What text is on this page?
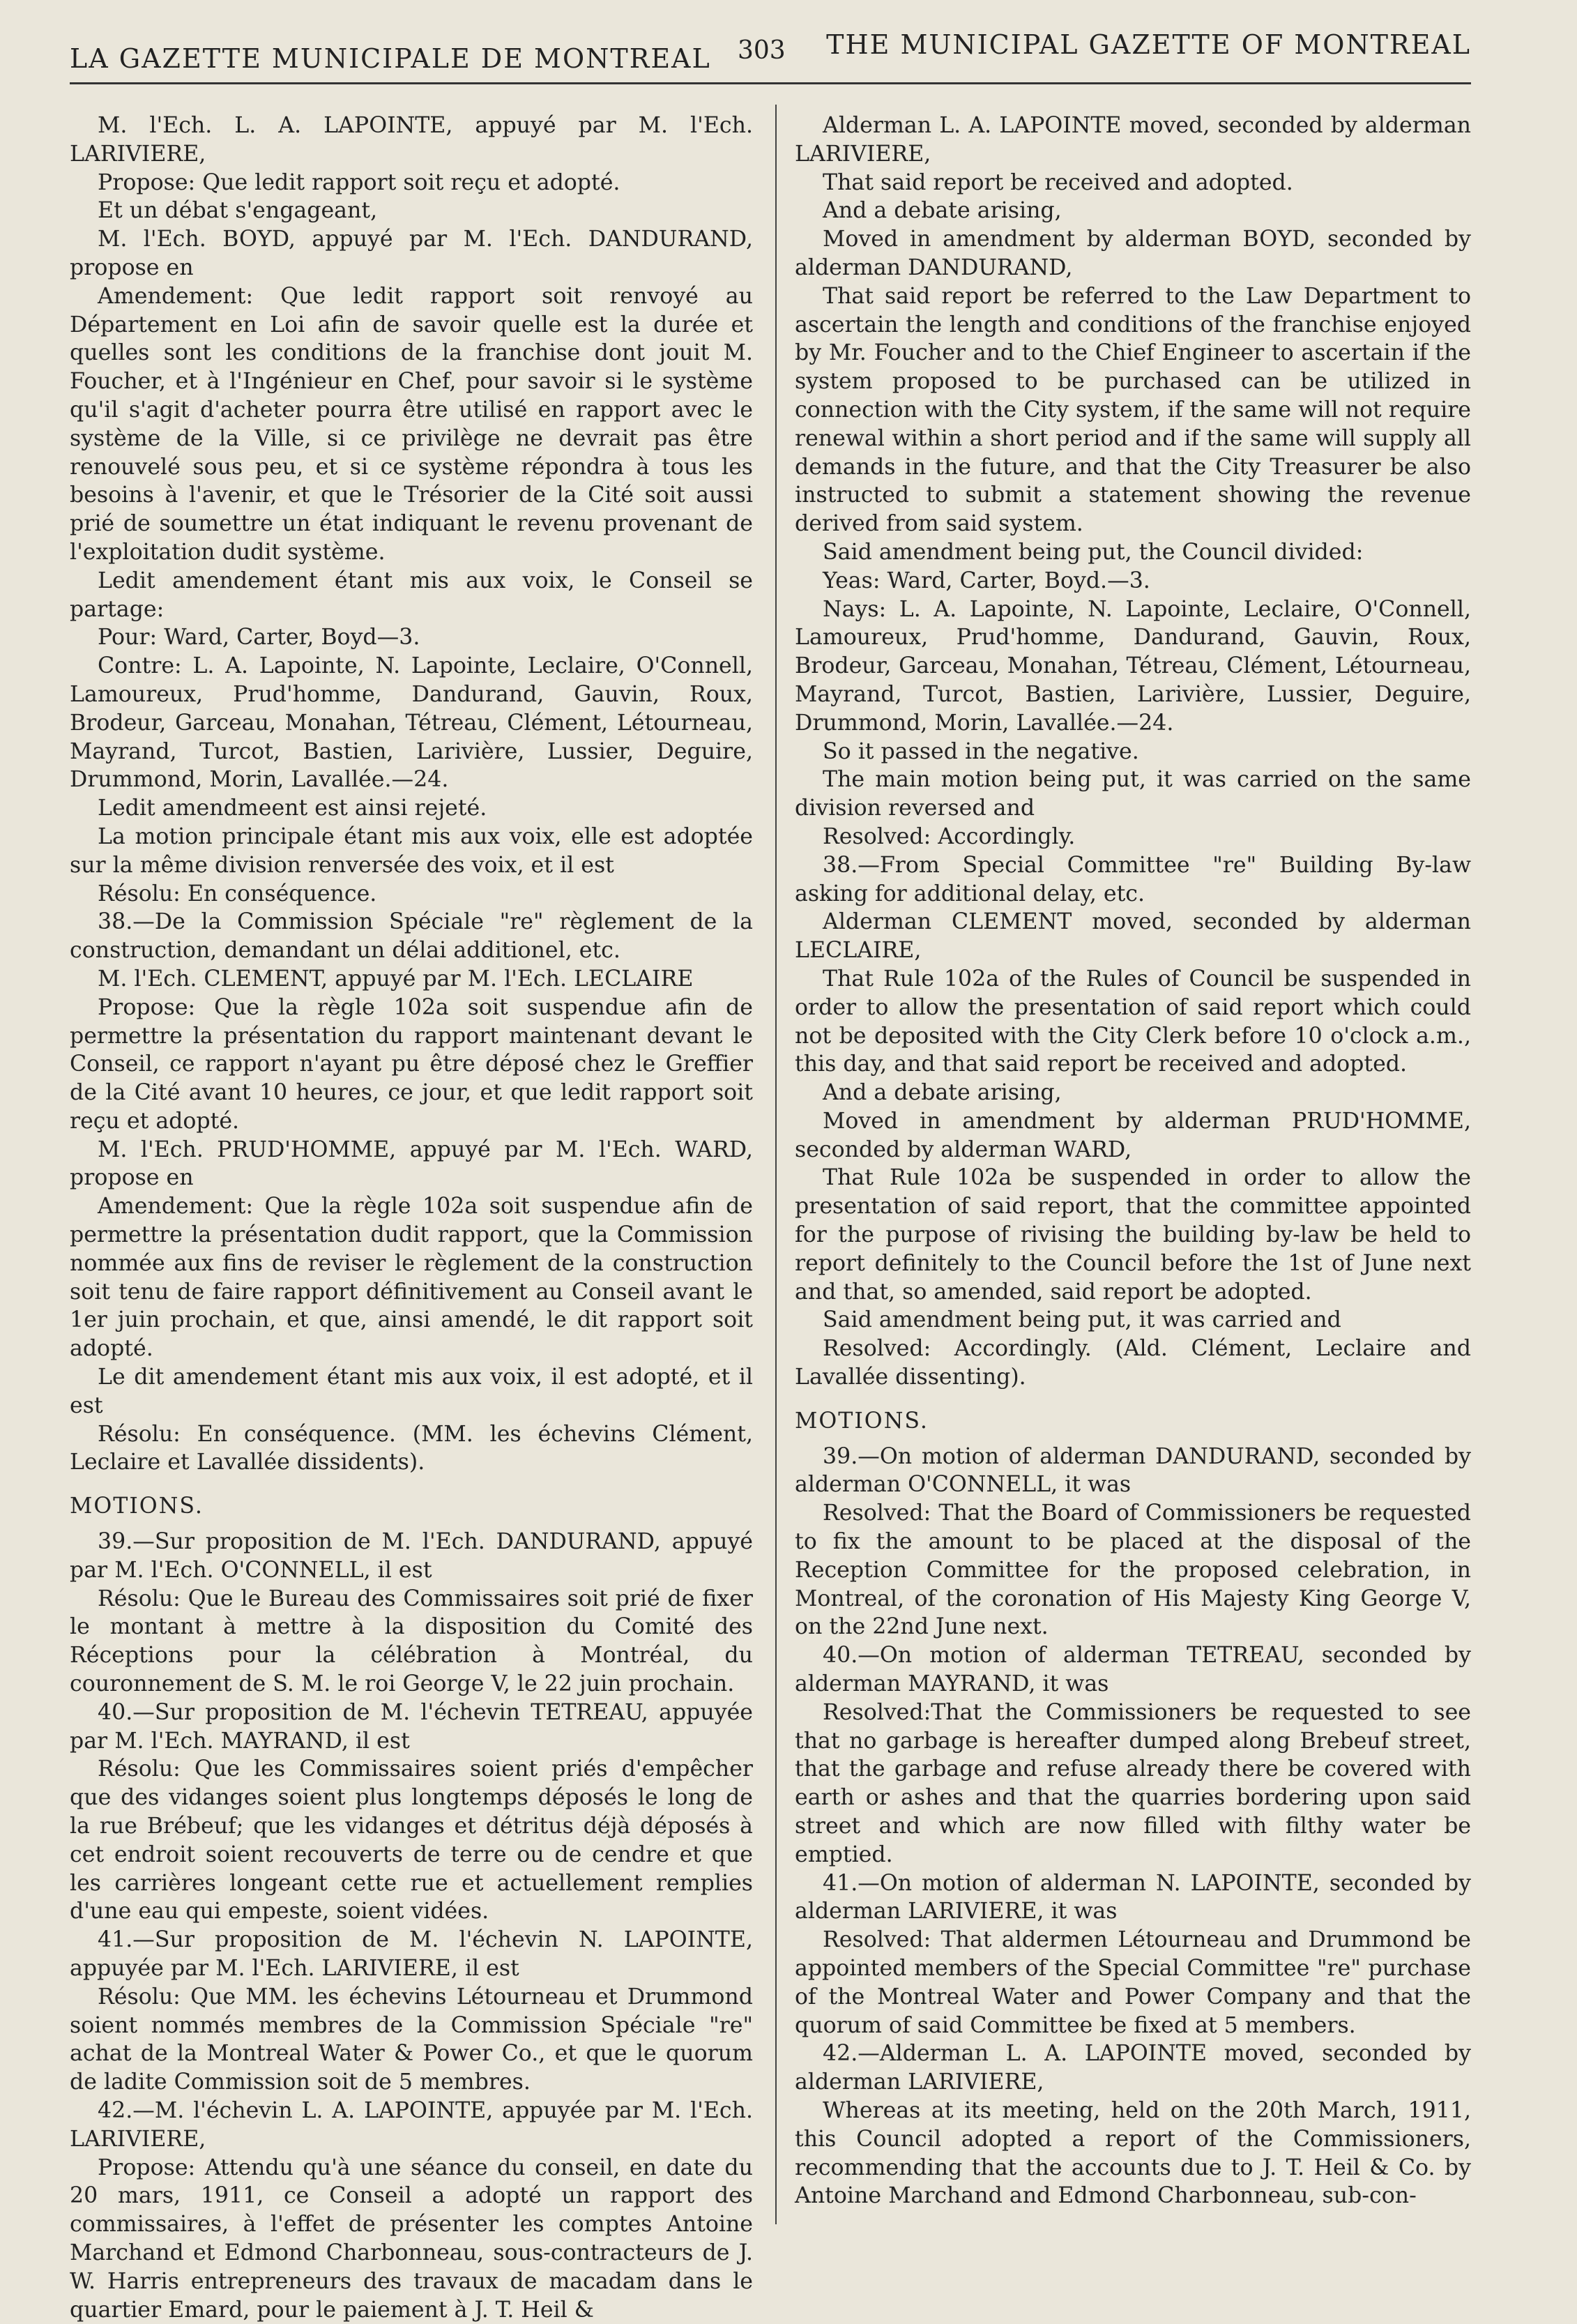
LA GAZETTE MUNICIPALE DE MONTREAL 303 THE MUNICIPAL GAZETTE OF MONTREAL

M. l'Ech. L. A. LAPOINTE, appuyé par M. l'Ech. LARIVIERE,

Propose: Que ledit rapport soit reçu et adopté.

Et un débat s'engageant,

M. l'Ech. BOYD, appuyé par M. l'Ech. DANDURAND, propose en

Amendement: Que ledit rapport soit renvoyé au Département en Loi afin de savoir quelle est la durée et quelles sont les conditions de la franchise dont jouit M. Foucher, et à l'Ingénieur en Chef, pour savoir si le système qu'il s'agit d'acheter pourra être utilisé en rapport avec le système de la Ville, si ce privilège ne devrait pas être renouvelé sous peu, et si ce système répondra à tous les besoins à l'avenir, et que le Trésorier de la Cité soit aussi prié de soumettre un état indiquant le revenu provenant de l'exploitation dudit système.

Ledit amendement étant mis aux voix, le Conseil se partage:

Pour: Ward, Carter, Boyd—3.

Contre: L. A. Lapointe, N. Lapointe, Leclaire, O'Connell, Lamoureux, Prud'homme, Dandurand, Gauvin, Roux, Brodeur, Garceau, Monahan, Tétreau, Clément, Létourneau, Mayrand, Turcot, Bastien, Larivière, Lussier, Deguire, Drummond, Morin, Lavallée.—24.

Ledit amendmeent est ainsi rejeté.

La motion principale étant mis aux voix, elle est adoptée sur la même division renversée des voix, et il est

Résolu: En conséquence.

38.—De la Commission Spéciale "re" règlement de la construction, demandant un délai additionel, etc.

M. l'Ech. CLEMENT, appuyé par M. l'Ech. LECLAIRE

Propose: Que la règle 102a soit suspendue afin de permettre la présentation du rapport maintenant devant le Conseil, ce rapport n'ayant pu être déposé chez le Greffier de la Cité avant 10 heures, ce jour, et que ledit rapport soit reçu et adopté.

M. l'Ech. PRUD'HOMME, appuyé par M. l'Ech. WARD, propose en

Amendement: Que la règle 102a soit suspendue afin de permettre la présentation dudit rapport, que la Commission nommée aux fins de reviser le règlement de la construction soit tenu de faire rapport définitivement au Conseil avant le 1er juin prochain, et que, ainsi amendé, le dit rapport soit adopté.

Le dit amendement étant mis aux voix, il est adopté, et il est

Résolu: En conséquence. (MM. les échevins Clément, Leclaire et Lavallée dissidents).

MOTIONS.

39.—Sur proposition de M. l'Ech. DANDURAND, appuyé par M. l'Ech. O'CONNELL, il est

Résolu: Que le Bureau des Commissaires soit prié de fixer le montant à mettre à la disposition du Comité des Réceptions pour la célébration à Montréal, du couronnement de S. M. le roi George V, le 22 juin prochain.

40.—Sur proposition de M. l'échevin TETREAU, appuyée par M. l'Ech. MAYRAND, il est

Résolu: Que les Commissaires soient priés d'empêcher que des vidanges soient plus longtemps déposés le long de la rue Brébeuf; que les vidanges et détritus déjà déposés à cet endroit soient recouverts de terre ou de cendre et que les carrières longeant cette rue et actuellement remplies d'une eau qui empeste, soient vidées.

41.—Sur proposition de M. l'échevin N. LAPOINTE, appuyée par M. l'Ech. LARIVIERE, il est

Résolu: Que MM. les échevins Létourneau et Drummond soient nommés membres de la Commission Spéciale "re" achat de la Montreal Water & Power Co., et que le quorum de ladite Commission soit de 5 membres.

42.—M. l'échevin L. A. LAPOINTE, appuyée par M. l'Ech. LARIVIERE,

Propose: Attendu qu'à une séance du conseil, en date du 20 mars, 1911, ce Conseil a adopté un rapport des commissaires, à l'effet de présenter les comptes Antoine Marchand et Edmond Charbonneau, sous-contracteurs de J. W. Harris entrepreneurs des travaux de macadam dans le quartier Emard, pour le paiement à J. T. Heil &

Alderman L. A. LAPOINTE moved, seconded by alderman LARIVIERE,

That said report be received and adopted.

And a debate arising,

Moved in amendment by alderman BOYD, seconded by alderman DANDURAND,

That said report be referred to the Law Department to ascertain the length and conditions of the franchise enjoyed by Mr. Foucher and to the Chief Engineer to ascertain if the system proposed to be purchased can be utilized in connection with the City system, if the same will not require renewal within a short period and if the same will supply all demands in the future, and that the City Treasurer be also instructed to submit a statement showing the revenue derived from said system.

Said amendment being put, the Council divided:

Yeas: Ward, Carter, Boyd.—3.

Nays: L. A. Lapointe, N. Lapointe, Leclaire, O'Connell, Lamoureux, Prud'homme, Dandurand, Gauvin, Roux, Brodeur, Garceau, Monahan, Tétreau, Clément, Létourneau, Mayrand, Turcot, Bastien, Larivière, Lussier, Deguire, Drummond, Morin, Lavallée.—24.

So it passed in the negative.

The main motion being put, it was carried on the same division reversed and

Resolved: Accordingly.

38.—From Special Committee "re" Building By-law asking for additional delay, etc.

Alderman CLEMENT moved, seconded by alderman LECLAIRE,

That Rule 102a of the Rules of Council be suspended in order to allow the presentation of said report which could not be deposited with the City Clerk before 10 o'clock a.m., this day, and that said report be received and adopted.

And a debate arising,

Moved in amendment by alderman PRUD'HOMME, seconded by alderman WARD,

That Rule 102a be suspended in order to allow the presentation of said report, that the committee appointed for the purpose of rivising the building by-law be held to report definitely to the Council before the 1st of June next and that, so amended, said report be adopted.

Said amendment being put, it was carried and

Resolved: Accordingly. (Ald. Clément, Leclaire and Lavallée dissenting).

MOTIONS.

39.—On motion of alderman DANDURAND, seconded by alderman O'CONNELL, it was

Resolved: That the Board of Commissioners be requested to fix the amount to be placed at the disposal of the Reception Committee for the proposed celebration, in Montreal, of the coronation of His Majesty King George V, on the 22nd June next.

40.—On motion of alderman TETREAU, seconded by alderman MAYRAND, it was

Resolved:That the Commissioners be requested to see that no garbage is hereafter dumped along Brebeuf street, that the garbage and refuse already there be covered with earth or ashes and that the quarries bordering upon said street and which are now filled with filthy water be emptied.

41.—On motion of alderman N. LAPOINTE, seconded by alderman LARIVIERE, it was

Resolved: That aldermen Létourneau and Drummond be appointed members of the Special Committee "re" purchase of the Montreal Water and Power Company and that the quorum of said Committee be fixed at 5 members.

42.—Alderman L. A. LAPOINTE moved, seconded by alderman LARIVIERE,

Whereas at its meeting, held on the 20th March, 1911, this Council adopted a report of the Commissioners, recommending that the accounts due to J. T. Heil & Co. by Antoine Marchand and Edmond Charbonneau, sub-con-
